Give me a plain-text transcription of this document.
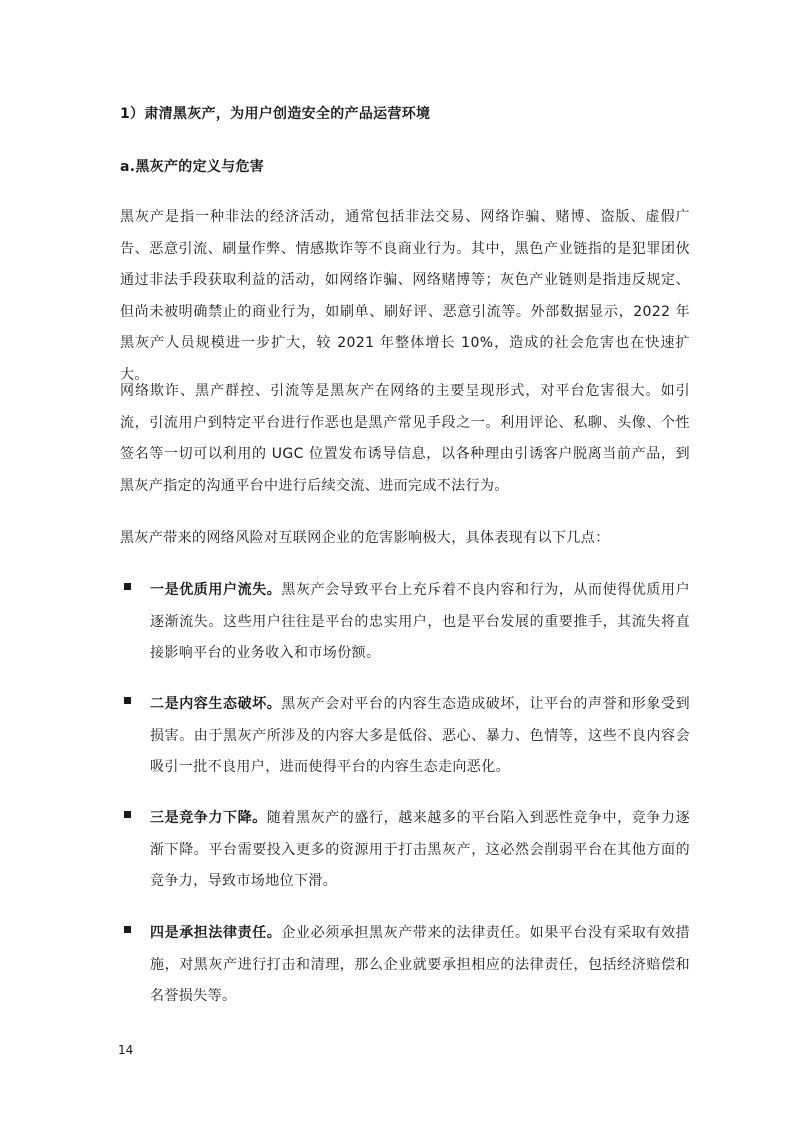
1）肃清黑灰产，为用户创造安全的产品运营环境
a.黑灰产的定义与危害

黑灰产是指一种非法的经济活动，通常包括非法交易、网络诈骗、赌博、盗版、虚假广告、恶意引流、刷量作弊、情感欺诈等不良商业行为。其中，黑色产业链指的是犯罪团伙通过非法手段获取利益的活动，如网络诈骗、网络赌博等；灰色产业链则是指违反规定、但尚未被明确禁止的商业行为，如刷单、刷好评、恶意引流等。外部数据显示，2022 年黑灰产人员规模进一步扩大，较 2021 年整体增长 10%，造成的社会危害也在快速扩大。

网络欺诈、黑产群控、引流等是黑灰产在网络的主要呈现形式，对平台危害很大。如引流，引流用户到特定平台进行作恶也是黑产常见手段之一。利用评论、私聊、头像、个性签名等一切可以利用的 UGC 位置发布诱导信息，以各种理由引诱客户脱离当前产品，到黑灰产指定的沟通平台中进行后续交流、进而完成不法行为。

黑灰产带来的网络风险对互联网企业的危害影响极大，具体表现有以下几点：

一是优质用户流失。黑灰产会导致平台上充斥着不良内容和行为，从而使得优质用户逐渐流失。这些用户往往是平台的忠实用户，也是平台发展的重要推手，其流失将直接影响平台的业务收入和市场份额。
二是内容生态破坏。黑灰产会对平台的内容生态造成破坏，让平台的声誉和形象受到损害。由于黑灰产所涉及的内容大多是低俗、恶心、暴力、色情等，这些不良内容会吸引一批不良用户，进而使得平台的内容生态走向恶化。
三是竞争力下降。随着黑灰产的盛行，越来越多的平台陷入到恶性竞争中，竞争力逐渐下降。平台需要投入更多的资源用于打击黑灰产，这必然会削弱平台在其他方面的竞争力，导致市场地位下滑。
四是承担法律责任。企业必须承担黑灰产带来的法律责任。如果平台没有采取有效措施，对黑灰产进行打击和清理，那么企业就要承担相应的法律责任，包括经济赔偿和名誉损失等。
14
